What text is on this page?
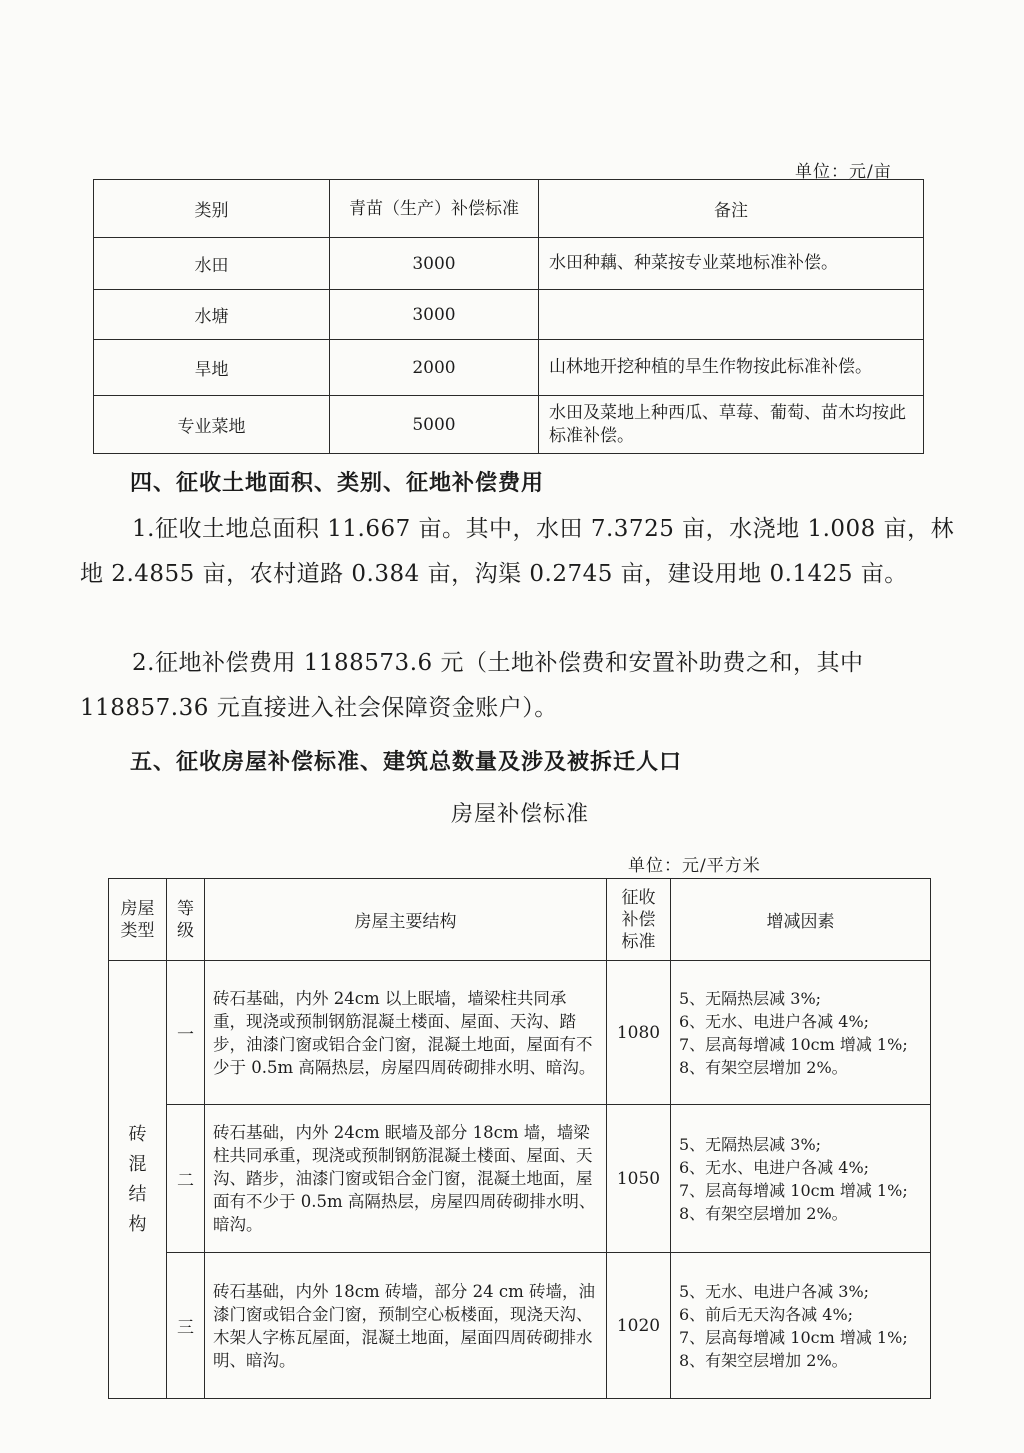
单位：元/亩
类别	青苗（生产）补偿标准	备注
水田	3000	水田种藕、种菜按专业菜地标准补偿。
水塘	3000	
旱地	2000	山林地开挖种植的旱生作物按此标准补偿。
专业菜地	5000	水田及菜地上种西瓜、草莓、葡萄、苗木均按此标准补偿。
四、征收土地面积、类别、征地补偿费用
1.征收土地总面积 11.667 亩。其中，水田 7.3725 亩，水浇地 1.008 亩，林地 2.4855 亩，农村道路 0.384 亩，沟渠 0.2745 亩，建设用地 0.1425 亩。
2.征地补偿费用 1188573.6 元（土地补偿费和安置补助费之和，其中 118857.36 元直接进入社会保障资金账户）。
五、征收房屋补偿标准、建筑总数量及涉及被拆迁人口
房屋补偿标准
单位：元/平方米
房屋类型	等级	房屋主要结构	征收补偿标准	增减因素
砖混结构	一	砖石基础，内外 24cm 以上眠墙，墙梁柱共同承重，现浇或预制钢筋混凝土楼面、屋面、天沟、踏步，油漆门窗或铝合金门窗，混凝土地面，屋面有不少于 0.5m 高隔热层，房屋四周砖砌排水明、暗沟。	1080	5、无隔热层减 3%;
6、无水、电进户各减 4%;
7、层高每增减 10cm 增减 1%;
8、有架空层增加 2%。

	二	砖石基础，内外 24cm 眠墙及部分 18cm 墙，墙梁柱共同承重，现浇或预制钢筋混凝土楼面、屋面、天沟、踏步，油漆门窗或铝合金门窗，混凝土地面，屋面有不少于 0.5m 高隔热层，房屋四周砖砌排水明、暗沟。	1050	5、无隔热层减 3%;
6、无水、电进户各减 4%;
7、层高每增减 10cm 增减 1%;
8、有架空层增加 2%。

	三	砖石基础，内外 18cm 砖墙，部分 24 cm 砖墙，油漆门窗或铝合金门窗，预制空心板楼面，现浇天沟、木架人字栋瓦屋面，混凝土地面，屋面四周砖砌排水明、暗沟。	1020	5、无水、电进户各减 3%;
6、前后无天沟各减 4%;
7、层高每增减 10cm 增减 1%;
8、有架空层增加 2%。
